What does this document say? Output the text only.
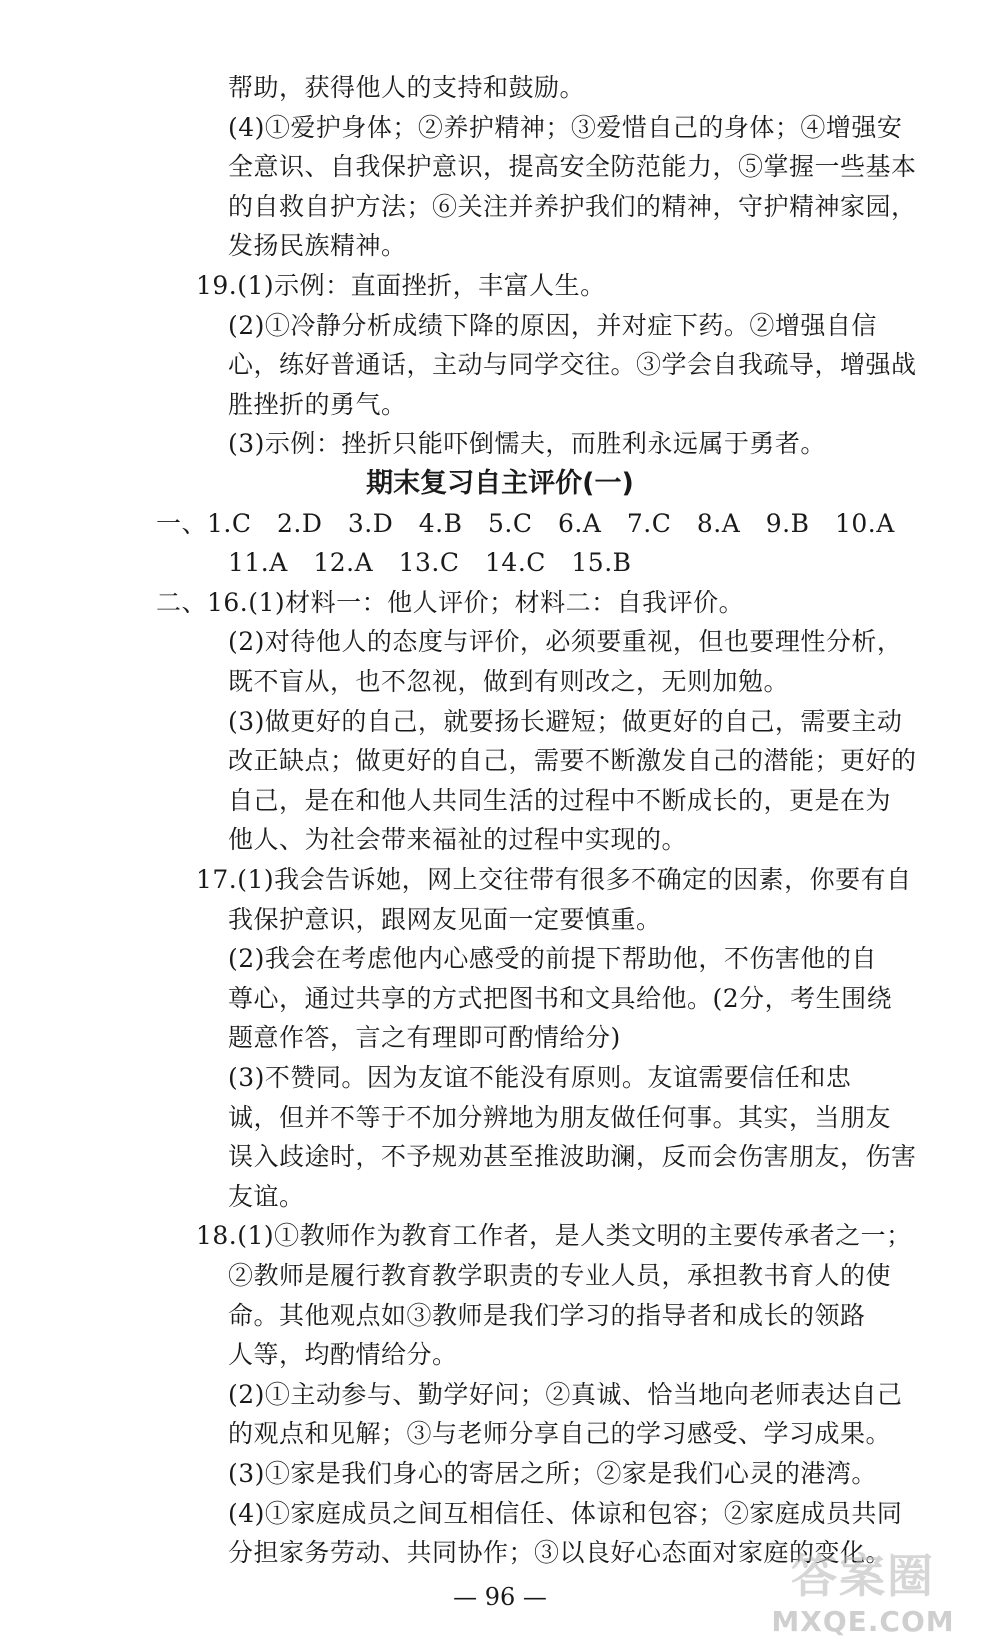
帮助，获得他人的支持和鼓励。
(4)①爱护身体；②养护精神；③爱惜自己的身体；④增强安
全意识、自我保护意识，提高安全防范能力，⑤掌握一些基本
的自救自护方法；⑥关注并养护我们的精神，守护精神家园，
发扬民族精神。
19.(1)示例：直面挫折，丰富人生。
(2)①冷静分析成绩下降的原因，并对症下药。②增强自信
心，练好普通话，主动与同学交往。③学会自我疏导，增强战
胜挫折的勇气。
(3)示例：挫折只能吓倒懦夫，而胜利永远属于勇者。
期末复习自主评价(一)
一、1.C　2.D　3.D　4.B　5.C　6.A　7.C　8.A　9.B　10.A
11.A　12.A　13.C　14.C　15.B
二、16.(1)材料一：他人评价；材料二：自我评价。
(2)对待他人的态度与评价，必须要重视，但也要理性分析，
既不盲从，也不忽视，做到有则改之，无则加勉。
(3)做更好的自己，就要扬长避短；做更好的自己，需要主动
改正缺点；做更好的自己，需要不断激发自己的潜能；更好的
自己，是在和他人共同生活的过程中不断成长的，更是在为
他人、为社会带来福祉的过程中实现的。
17.(1)我会告诉她，网上交往带有很多不确定的因素，你要有自
我保护意识，跟网友见面一定要慎重。
(2)我会在考虑他内心感受的前提下帮助他，不伤害他的自
尊心，通过共享的方式把图书和文具给他。(2分，考生围绕
题意作答，言之有理即可酌情给分)
(3)不赞同。因为友谊不能没有原则。友谊需要信任和忠
诚，但并不等于不加分辨地为朋友做任何事。其实，当朋友
误入歧途时，不予规劝甚至推波助澜，反而会伤害朋友，伤害
友谊。
18.(1)①教师作为教育工作者，是人类文明的主要传承者之一；
②教师是履行教育教学职责的专业人员，承担教书育人的使
命。其他观点如③教师是我们学习的指导者和成长的领路
人等，均酌情给分。
(2)①主动参与、勤学好问；②真诚、恰当地向老师表达自己
的观点和见解；③与老师分享自己的学习感受、学习成果。
(3)①家是我们身心的寄居之所；②家是我们心灵的港湾。
(4)①家庭成员之间互相信任、体谅和包容；②家庭成员共同
分担家务劳动、共同协作；③以良好心态面对家庭的变化。
— 96 —	答案圈
MXQE.COM
